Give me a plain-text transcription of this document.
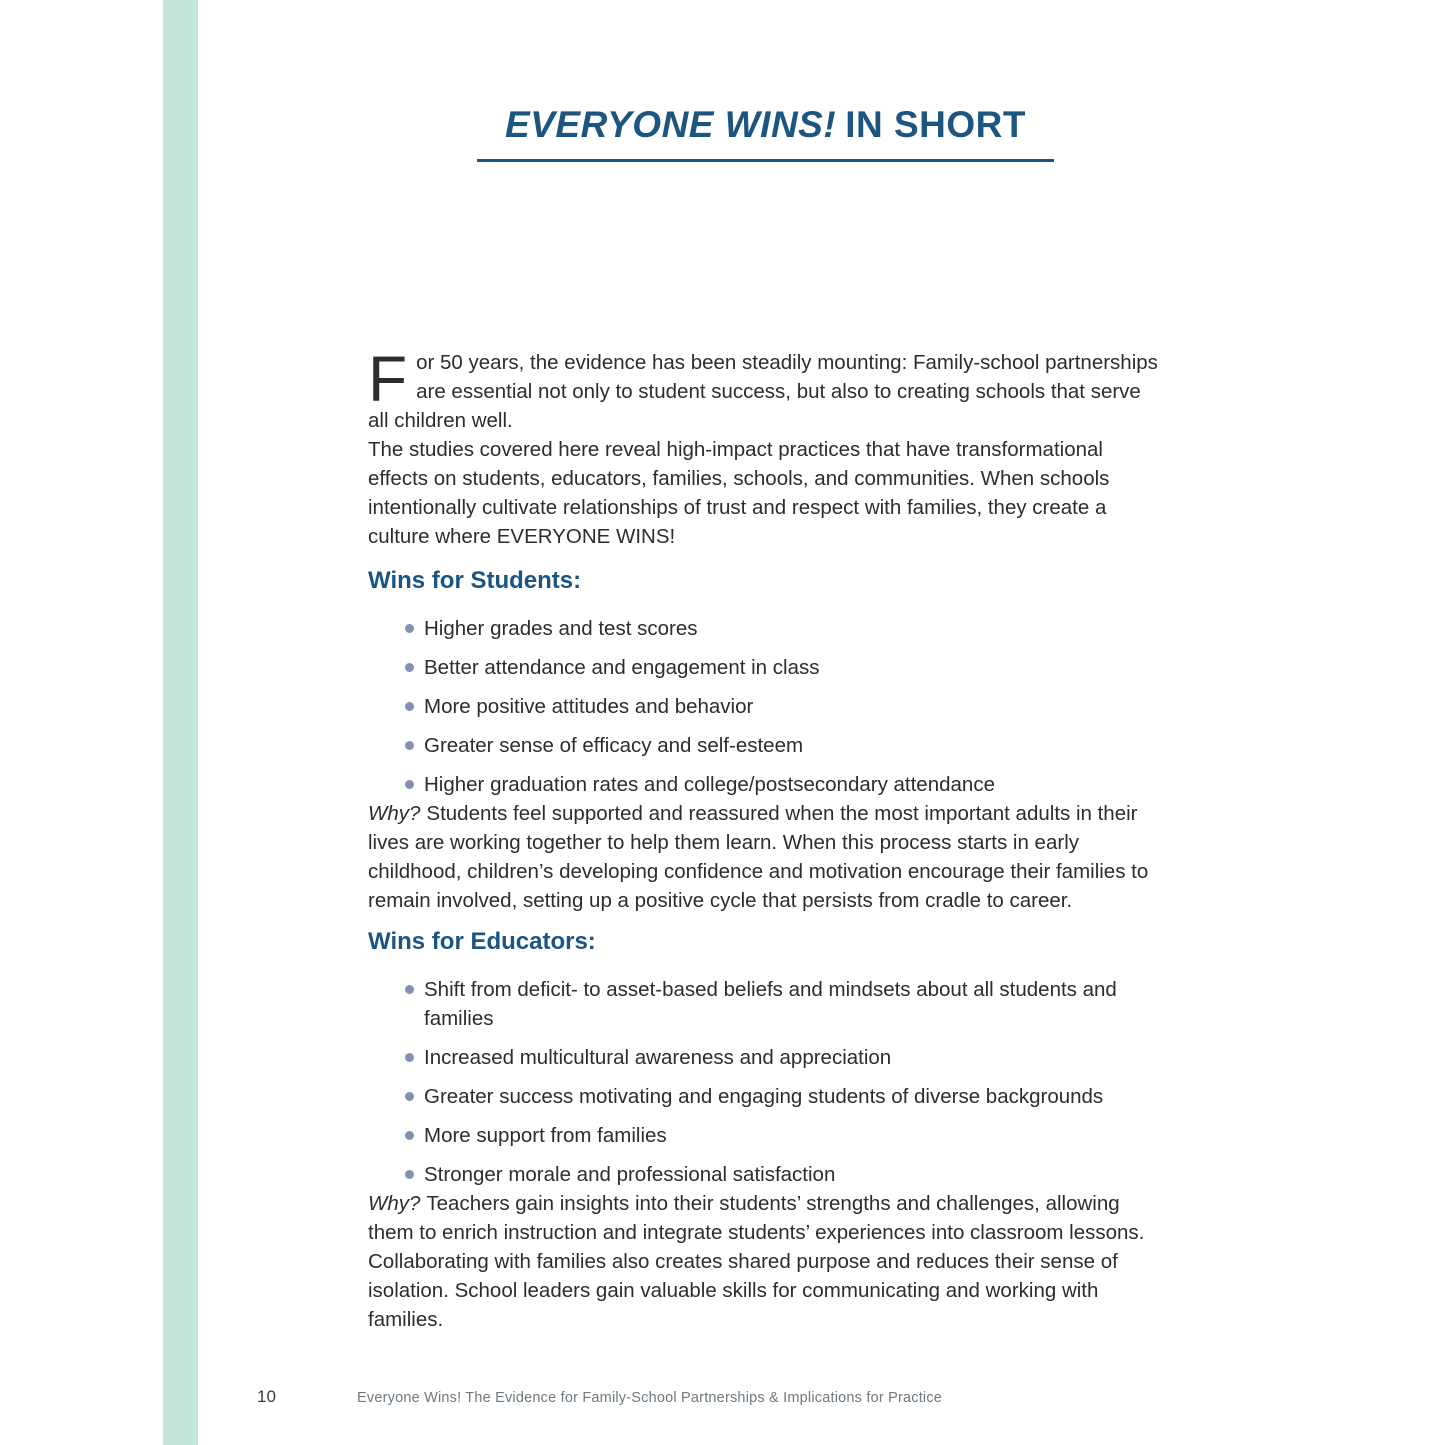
EVERYONE WINS! IN SHORT

For 50 years, the evidence has been steadily mounting: Family-school partnerships are essential not only to student success, but also to creating schools that serve all children well.

The studies covered here reveal high-impact practices that have transformational effects on students, educators, families, schools, and communities. When schools intentionally cultivate relationships of trust and respect with families, they create a culture where EVERYONE WINS!

Wins for Students:
Higher grades and test scores
Better attendance and engagement in class
More positive attitudes and behavior
Greater sense of efficacy and self-esteem
Higher graduation rates and college/postsecondary attendance

Why? Students feel supported and reassured when the most important adults in their lives are working together to help them learn. When this process starts in early childhood, children’s developing confidence and motivation encourage their families to remain involved, setting up a positive cycle that persists from cradle to career.

Wins for Educators:
Shift from deficit- to asset-based beliefs and mindsets about all students and families
Increased multicultural awareness and appreciation
Greater success motivating and engaging students of diverse backgrounds
More support from families
Stronger morale and professional satisfaction

Why? Teachers gain insights into their students’ strengths and challenges, allowing them to enrich instruction and integrate students’ experiences into classroom lessons. Collaborating with families also creates shared purpose and reduces their sense of isolation. School leaders gain valuable skills for communicating and working with families.

10	Everyone Wins! The Evidence for Family-School Partnerships & Implications for Practice
